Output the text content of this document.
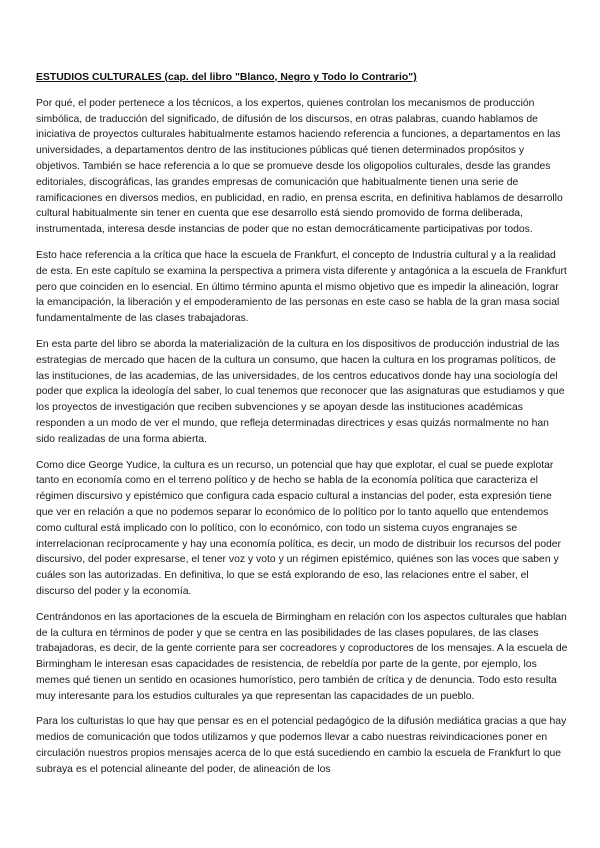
ESTUDIOS CULTURALES (cap. del libro "Blanco, Negro y Todo lo Contrario")

Por qué, el poder pertenece a los técnicos, a los expertos, quienes controlan los mecanismos de producción simbólica, de traducción del significado, de difusión de los discursos, en otras palabras, cuando hablamos de iniciativa de proyectos culturales habitualmente estamos haciendo referencia a funciones, a departamentos en las universidades, a departamentos dentro de las instituciones públicas qué tienen determinados propósitos y objetivos. También se hace referencia a lo que se promueve desde los oligopolios culturales, desde las grandes editoriales, discográficas, las grandes empresas de comunicación que habitualmente tienen una serie de ramificaciones en diversos medios, en publicidad, en radio, en prensa escrita, en definitiva hablamos de desarrollo cultural habitualmente sin tener en cuenta que ese desarrollo está siendo promovido de forma deliberada, instrumentada, interesa desde instancias de poder que no estan democráticamente participativas por todos.

Esto hace referencia a la crítica que hace la escuela de Frankfurt, el concepto de Industria cultural y a la realidad de esta. En este capítulo se examina la perspectiva a primera vista diferente y antagónica a la escuela de Frankfurt pero que coinciden en lo esencial. En último término apunta el mismo objetivo que es impedir la alineación, lograr la emancipación, la liberación y el empoderamiento de las personas en este caso se habla de la gran masa social fundamentalmente de las clases trabajadoras.

En esta parte del libro se aborda la materialización de la cultura en los dispositivos de producción industrial de las estrategias de mercado que hacen de la cultura un consumo, que hacen la cultura en los programas políticos, de las instituciones, de las academias, de las universidades, de los centros educativos donde hay una sociología del poder que explica la ideología del saber, lo cual tenemos que reconocer que las asignaturas que estudiamos y que los proyectos de investigación que reciben subvenciones y se apoyan desde las instituciones académicas responden a un modo de ver el mundo, que refleja determinadas directrices y esas quizás normalmente no han sido realizadas de una forma abierta.

Como dice George Yudice, la cultura es un recurso, un potencial que hay que explotar, el cual se puede explotar tanto en economía como en el terreno político y de hecho se habla de la economía política que caracteriza el régimen discursivo y epistémico que configura cada espacio cultural a instancias del poder, esta expresión tiene que ver en relación a que no podemos separar lo económico de lo político por lo tanto aquello que entendemos como cultural está implicado con lo político, con lo económico, con todo un sistema cuyos engranajes se interrelacionan recíprocamente y hay una economía política, es decir, un modo de distribuir los recursos del poder discursivo, del poder expresarse, el tener voz y voto y un régimen epistémico, quiénes son las voces que saben y cuáles son las autorizadas. En definitiva, lo que se está explorando de eso, las relaciones entre el saber, el discurso del poder y la economía.

Centrándonos en las aportaciones de la escuela de Birmingham en relación con los aspectos culturales que hablan de la cultura en términos de poder y que se centra en las posibilidades de las clases populares, de las clases trabajadoras, es decir, de la gente corriente para ser cocreadores y coproductores de los mensajes. A la escuela de Birmingham le interesan esas capacidades de resistencia, de rebeldía por parte de la gente, por ejemplo, los memes qué tienen un sentido en ocasiones humorístico, pero también de crítica y de denuncia. Todo esto resulta muy interesante para los estudios culturales ya que representan las capacidades de un pueblo.

Para los culturistas lo que hay que pensar es en el potencial pedagógico de la difusión mediática gracias a que hay medios de comunicación que todos utilizamos y que podemos llevar a cabo nuestras reivindicaciones poner en circulación nuestros propios mensajes acerca de lo que está sucediendo en cambio la escuela de Frankfurt lo que subraya es el potencial alineante del poder, de alineación de los
